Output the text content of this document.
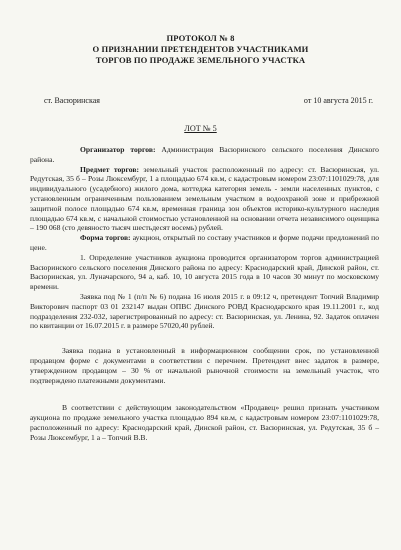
ПРОТОКОЛ № 8
О ПРИЗНАНИИ ПРЕТЕНДЕНТОВ УЧАСТНИКАМИ
ТОРГОВ ПО ПРОДАЖЕ ЗЕМЕЛЬНОГО УЧАСТКА
ст. Васюринская	от 10 августа 2015 г.
ЛОТ № 5

Организатор торгов: Администрация Васюринского сельского поселения Динского района.

Предмет торгов: земельный участок расположенный по адресу: ст. Васюринская, ул. Редутская, 35 б – Розы Люксембург, 1 а площадью 674 кв.м, с кадастровым номером 23:07:1101029:78, для индивидуального (усадебного) жилого дома, коттеджа категория земель - земли населенных пунктов, с установленным ограниченным пользованием земельным участком в водоохраной зоне и прибрежной защитной полосе площадью 674 кв.м, временная граница зон объектов историко-культурного наследия площадью 674 кв.м, с начальной стоимостью установленной на основании отчета независимого оценщика – 190 068 (сто девяносто тысяч шестьдесят восемь) рублей.

Форма торгов: аукцион, открытый по составу участников и форме подачи предложений по цене.

1. Определение участников аукциона проводится организатором торгов администрацией Васюринского сельского поселения Динского района по адресу: Краснодарский край, Динской район, ст. Васюринская, ул. Луначарского, 94 а, каб. 10, 10 августа 2015 года в 10 часов 30 минут по московскому времени.

Заявка под № 1 (п/п № 6) подана 16 июля 2015 г. в 09:12 ч, претендент Топчий Владимир Викторович паспорт 03 01 232147 выдан ОПВС Динского РОВД Краснодарского края 19.11.2001 г., код подразделения 232-032, зарегистрированный по адресу: ст. Васюринская, ул. Ленина, 92. Задаток оплачен по квитанции от 16.07.2015 г. в размере 57020,40 рублей.

Заявка подана в установленный в информационном сообщении срок, по установленной продавцом форме с документами в соответствии с перечнем. Претендент внес задаток в размере, утвержденном продавцом – 30 % от начальной рыночной стоимости на земельный участок, что подтверждено платежными документами.

В соответствии с действующим законодательством «Продавец» решил признать участником аукциона по продаже земельного участка площадью 894 кв.м, с кадастровым номером 23:07:1101029:78, расположенный по адресу: Краснодарский край, Динской район, ст. Васюринская, ул. Редутская, 35 б – Розы Люксембург, 1 а – Топчий В.В.
